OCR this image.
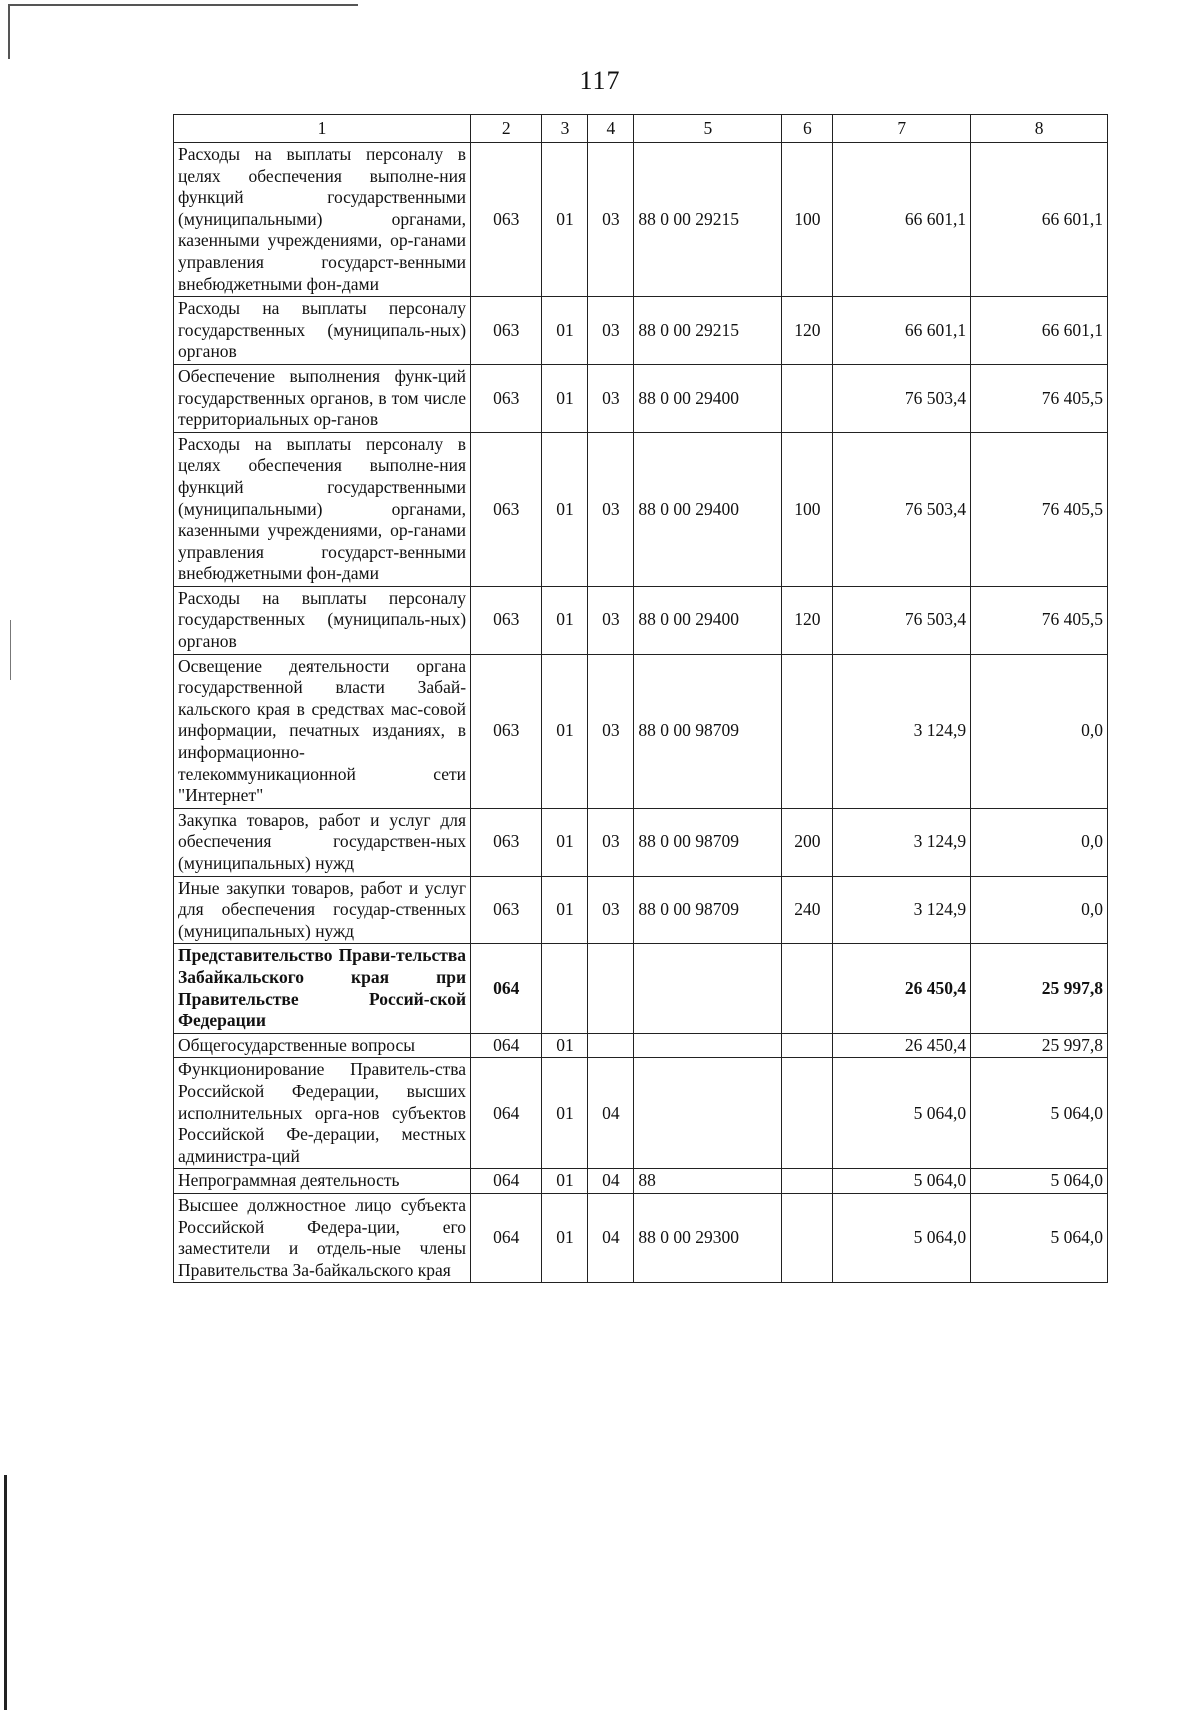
117
1	2	3	4	5	6	7	8
Расходы на выплаты персоналу в целях обеспечения выполне-ния функций государственными (муниципальными) органами, казенными учреждениями, ор-ганами управления государст-венными внебюджетными фон-дами	063	01	03	88 0 00 29215	100	66 601,1	66 601,1
Расходы на выплаты персоналу государственных (муниципаль-ных) органов	063	01	03	88 0 00 29215	120	66 601,1	66 601,1
Обеспечение выполнения функ-ций государственных органов, в том числе территориальных ор-ганов	063	01	03	88 0 00 29400		76 503,4	76 405,5
Расходы на выплаты персоналу в целях обеспечения выполне-ния функций государственными (муниципальными) органами, казенными учреждениями, ор-ганами управления государст-венными внебюджетными фон-дами	063	01	03	88 0 00 29400	100	76 503,4	76 405,5
Расходы на выплаты персоналу государственных (муниципаль-ных) органов	063	01	03	88 0 00 29400	120	76 503,4	76 405,5
Освещение деятельности органа государственной власти Забай-кальского края в средствах мас-совой информации, печатных изданиях, в информационно-телекоммуникационной сети "Интернет"	063	01	03	88 0 00 98709		3 124,9	0,0
Закупка товаров, работ и услуг для обеспечения государствен-ных (муниципальных) нужд	063	01	03	88 0 00 98709	200	3 124,9	0,0
Иные закупки товаров, работ и услуг для обеспечения государ-ственных (муниципальных) нужд	063	01	03	88 0 00 98709	240	3 124,9	0,0
Представительство Прави-тельства Забайкальского края при Правительстве Россий-ской Федерации	064					26 450,4	25 997,8
Общегосударственные вопросы	064	01				26 450,4	25 997,8
Функционирование Правитель-ства Российской Федерации, высших исполнительных орга-нов субъектов Российской Фе-дерации, местных администра-ций	064	01	04			5 064,0	5 064,0
Непрограммная деятельность	064	01	04	88		5 064,0	5 064,0
Высшее должностное лицо субъекта Российской Федера-ции, его заместители и отдель-ные члены Правительства За-байкальского края	064	01	04	88 0 00 29300		5 064,0	5 064,0
